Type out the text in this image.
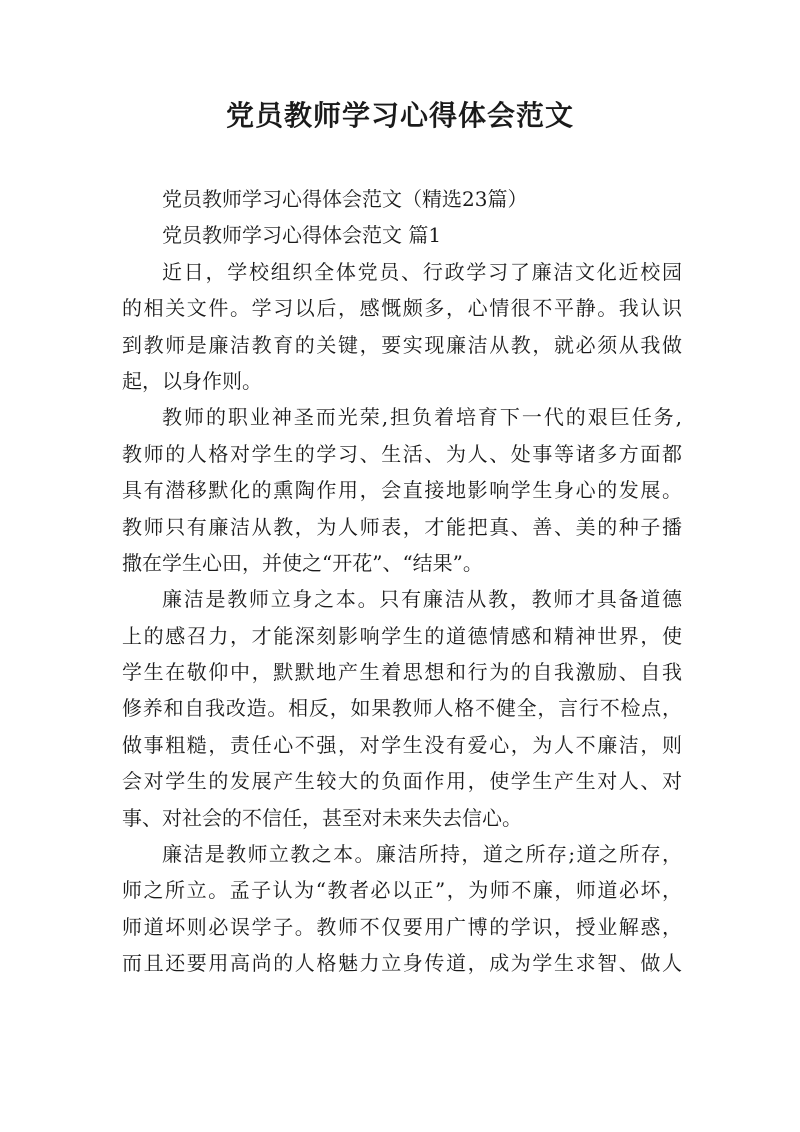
党员教师学习心得体会范文
党员教师学习心得体会范文（精选23篇）
党员教师学习心得体会范文 篇1
近日，学校组织全体党员、行政学习了廉洁文化近校园
的相关文件。学习以后，感慨颇多，心情很不平静。我认识
到教师是廉洁教育的关键，要实现廉洁从教，就必须从我做
起，以身作则。
教师的职业神圣而光荣,担负着培育下一代的艰巨任务,
教师的人格对学生的学习、生活、为人、处事等诸多方面都
具有潜移默化的熏陶作用，会直接地影响学生身心的发展。
教师只有廉洁从教，为人师表，才能把真、善、美的种子播
撒在学生心田，并使之“开花”、“结果”。
廉洁是教师立身之本。只有廉洁从教，教师才具备道德
上的感召力，才能深刻影响学生的道德情感和精神世界，使
学生在敬仰中，默默地产生着思想和行为的自我激励、自我
修养和自我改造。相反，如果教师人格不健全，言行不检点，
做事粗糙，责任心不强，对学生没有爱心，为人不廉洁，则
会对学生的发展产生较大的负面作用，使学生产生对人、对
事、对社会的不信任，甚至对未来失去信心。
廉洁是教师立教之本。廉洁所持，道之所存;道之所存，
师之所立。孟子认为“教者必以正”，为师不廉，师道必坏，
师道坏则必误学子。教师不仅要用广博的学识，授业解惑，
而且还要用高尚的人格魅力立身传道，成为学生求智、做人
